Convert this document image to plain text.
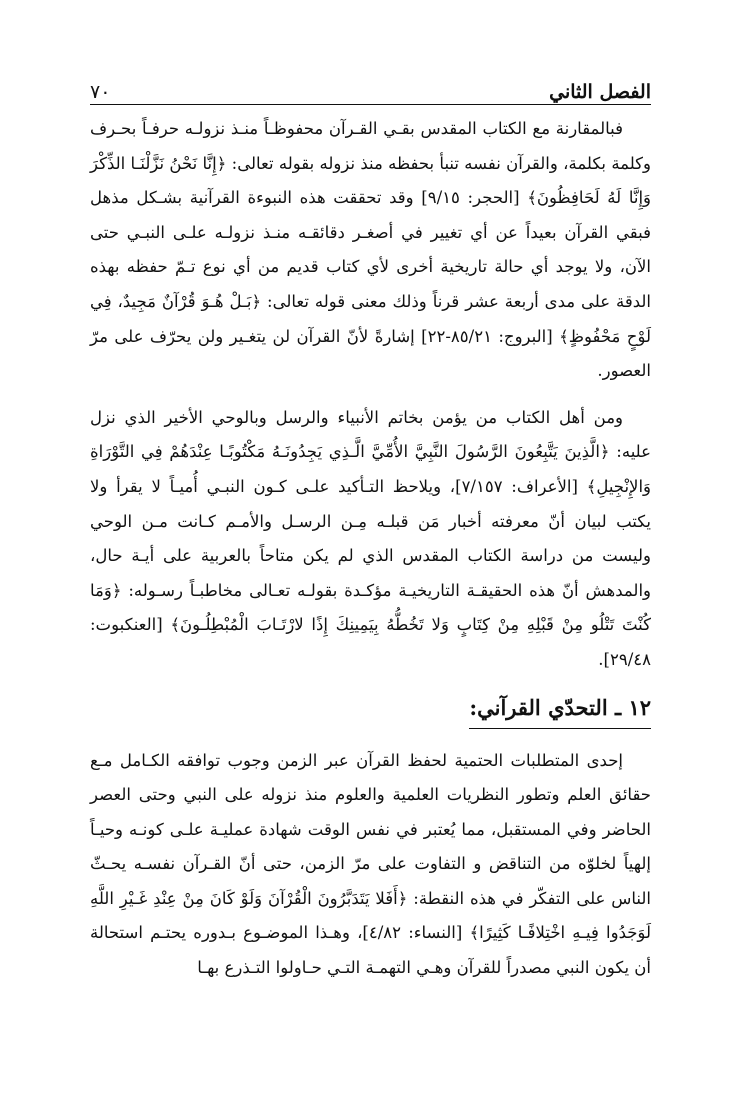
الفصل الثاني
٧٠

فبالمقارنة مع الكتاب المقدس بقـي القـرآن محفوظـاً منـذ نزولـه حرفـاً بحـرف وكلمة بكلمة، والقرآن نفسه تنبأ بحفظه منذ نزوله بقوله تعالى: ﴿إِنَّا نَحْنُ نَزَّلْنَـا الذِّكْرَ وَإِنَّا لَهُ لَحَافِظُونَ﴾ [الحجر: ٩/١٥] وقد تحققت هذه النبوءة القرآنية بشـكل مذهل فبقي القرآن بعيداً عن أي تغيير في أصغـر دقائقـه منـذ نزولـه علـى النبـي حتى الآن، ولا يوجد أي حالة تاريخية أخرى لأي كتاب قديم من أي نوع تـمّ حفظه بهذه الدقة على مدى أربعة عشر قرناً وذلك معنى قوله تعالى: ﴿بَـلْ هُـوَ قُرْآنٌ مَجِيدٌ، فِي لَوْحٍ مَحْفُوظٍ﴾ [البروج: ٨٥/٢١-٢٢] إشارةً لأنّ القرآن لن يتغـير ولن يحرّف على مرّ العصور.

ومن أهل الكتاب من يؤمن بخاتم الأنبياء والرسل وبالوحي الأخير الذي نزل عليه: ﴿الَّذِينَ يَتَّبِعُونَ الرَّسُولَ النَّبِيَّ الأُمِّيَّ الَّـذِي يَجِدُونَـهُ مَكْتُوبًـا عِنْدَهُمْ فِي التَّوْرَاةِ وَالإِنْجِيلِ﴾ [الأعراف: ٧/١٥٧]، ويلاحظ التـأكيد علـى كـون النبـي أُميـاً لا يقرأ ولا يكتب لبيان أنّ معرفته أخبار مَن قبلـه مِـن الرسـل والأمـم كـانت مـن الوحي وليست من دراسة الكتاب المقدس الذي لم يكن متاحاً بالعربية على أيـة حال، والمدهش أنّ هذه الحقيقـة التاريخيـة مؤكـدة بقولـه تعـالى مخاطبـاً رسـوله: ﴿وَمَا كُنْتَ تَتْلُو مِنْ قَبْلِهِ مِنْ كِتَابٍ وَلا تَخُطُّهُ بِيَمِينِكَ إِذًا لارْتَـابَ الْمُبْطِلُـونَ﴾ [العنكبوت: ٢٩/٤٨].

١٢ ـ التحدّي القرآني:

إحدى المتطلبات الحتمية لحفظ القرآن عبر الزمن وجوب توافقه الكـامل مـع حقائق العلم وتطور النظريات العلمية والعلوم منذ نزوله على النبي وحتى العصر الحاضر وفي المستقبل، مما يُعتبر في نفس الوقت شهادة عمليـة علـى كونـه وحيـاً إلهياً لخلوّه من التناقض و التفاوت على مرّ الزمن، حتى أنّ القـرآن نفسـه يحـثّ الناس على التفكّر في هذه النقطة: ﴿أَفَلا يَتَدَبَّرُونَ الْقُرْآنَ وَلَوْ كَانَ مِنْ عِنْدِ غَـيْرِ اللَّهِ لَوَجَدُوا فِيـهِ اخْتِلافًـا كَثِيرًا﴾ [النساء: ٤/٨٢]، وهـذا الموضـوع بـدوره يحتـم استحالة أن يكون النبي مصدراً للقرآن وهـي التهمـة التـي حـاولوا التـذرع بهـا
